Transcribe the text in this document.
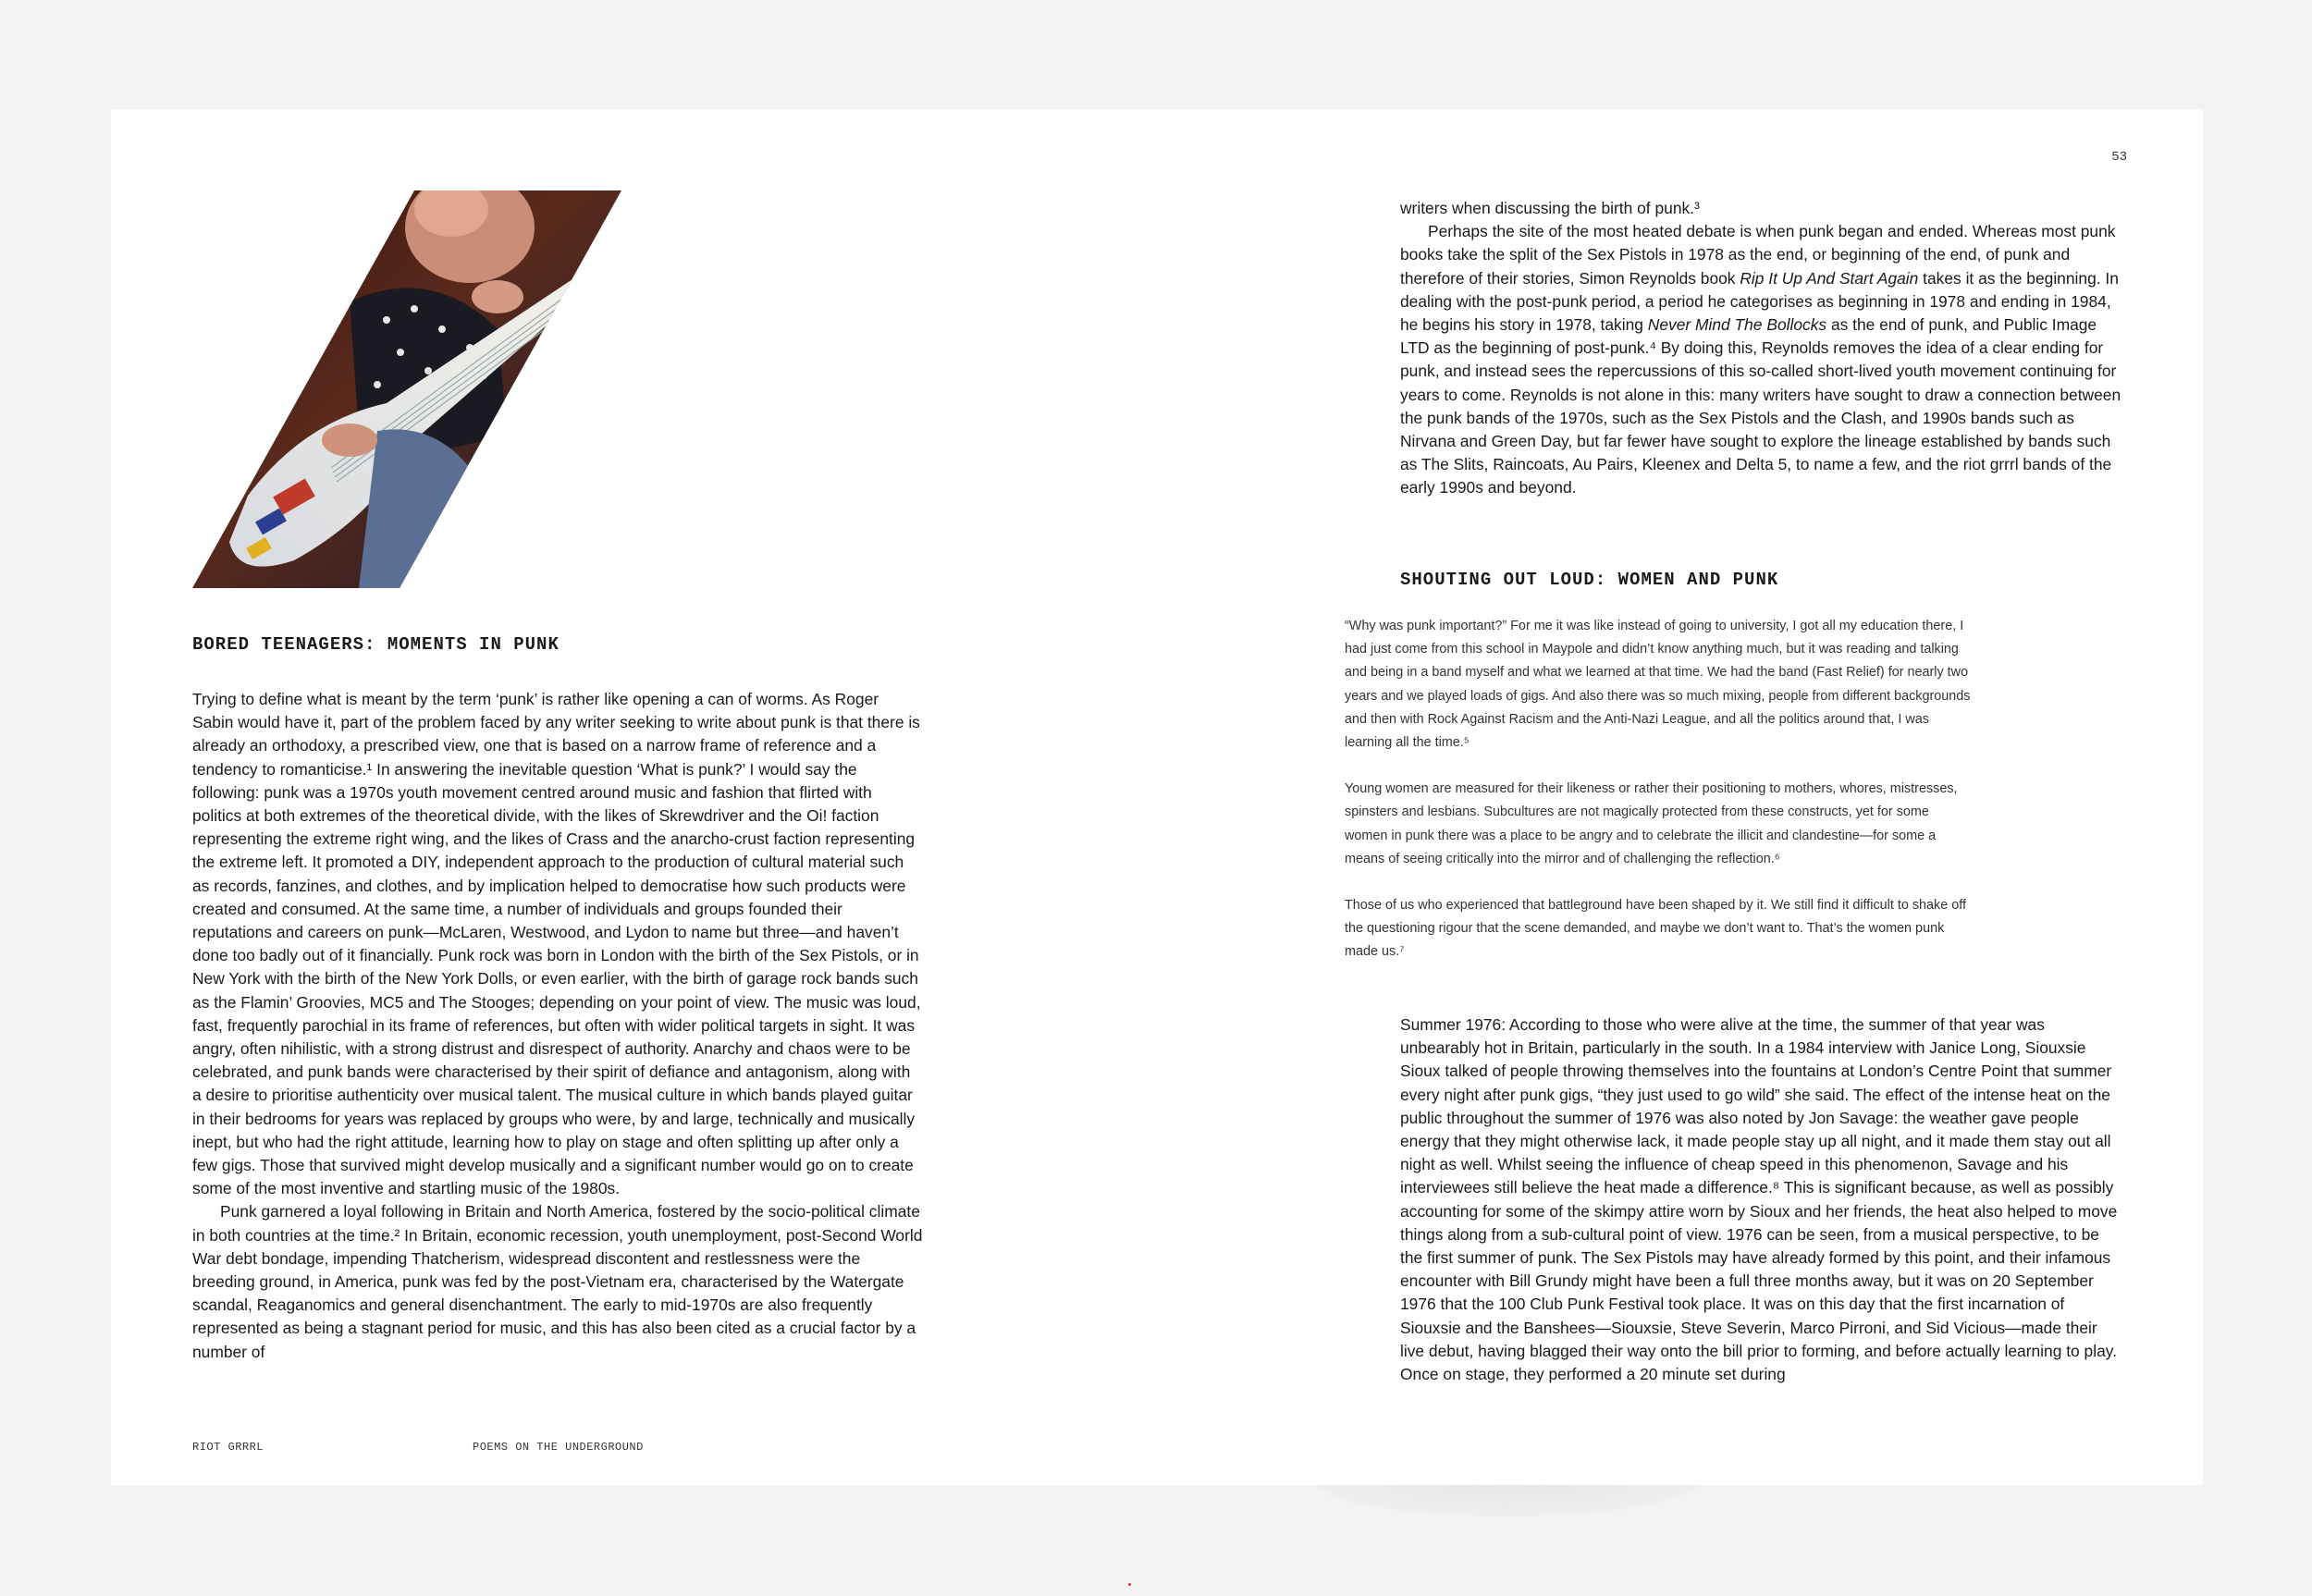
BORED TEENAGERS: MOMENTS IN PUNK

Trying to define what is meant by the term ‘punk’ is rather like opening a can of worms. As Roger Sabin would have it, part of the problem faced by any writer seeking to write about punk is that there is already an orthodoxy, a prescribed view, one that is based on a narrow frame of reference and a tendency to romanticise.¹ In answering the inevitable question ‘What is punk?’ I would say the following: punk was a 1970s youth movement centred around music and fashion that flirted with politics at both extremes of the theoretical divide, with the likes of Skrewdriver and the Oi! faction representing the extreme right wing, and the likes of Crass and the anarcho-crust faction representing the extreme left. It promoted a DIY, independent approach to the production of cultural material such as records, fanzines, and clothes, and by implication helped to democratise how such products were created and consumed. At the same time, a number of individuals and groups founded their reputations and careers on punk—McLaren, Westwood, and Lydon to name but three—and haven’t done too badly out of it financially. Punk rock was born in London with the birth of the Sex Pistols, or in New York with the birth of the New York Dolls, or even earlier, with the birth of garage rock bands such as the Flamin’ Groovies, MC5 and The Stooges; depending on your point of view. The music was loud, fast, frequently parochial in its frame of references, but often with wider political targets in sight. It was angry, often nihilistic, with a strong distrust and disrespect of authority. Anarchy and chaos were to be celebrated, and punk bands were characterised by their spirit of defiance and antagonism, along with a desire to prioritise authenticity over musical talent. The musical culture in which bands played guitar in their bedrooms for years was replaced by groups who were, by and large, technically and musically inept, but who had the right attitude, learning how to play on stage and often splitting up after only a few gigs. Those that survived might develop musically and a significant number would go on to create some of the most inventive and startling music of the 1980s.

Punk garnered a loyal following in Britain and North America, fostered by the socio-political climate in both countries at the time.² In Britain, economic recession, youth unemployment, post-Second World War debt bondage, impending Thatcherism, widespread discontent and restlessness were the breeding ground, in America, punk was fed by the post-Vietnam era, characterised by the Watergate scandal, Reaganomics and general disenchantment. The early to mid-1970s are also frequently represented as being a stagnant period for music, and this has also been cited as a crucial factor by a number of

RIOT GRRRL	POEMS ON THE UNDERGROUND
53

writers when discussing the birth of punk.³

Perhaps the site of the most heated debate is when punk began and ended. Whereas most punk books take the split of the Sex Pistols in 1978 as the end, or beginning of the end, of punk and therefore of their stories, Simon Reynolds book Rip It Up And Start Again takes it as the beginning. In dealing with the post-punk period, a period he categorises as beginning in 1978 and ending in 1984, he begins his story in 1978, taking Never Mind The Bollocks as the end of punk, and Public Image LTD as the beginning of post-punk.⁴ By doing this, Reynolds removes the idea of a clear ending for punk, and instead sees the repercussions of this so-called short-lived youth movement continuing for years to come. Reynolds is not alone in this: many writers have sought to draw a connection between the punk bands of the 1970s, such as the Sex Pistols and the Clash, and 1990s bands such as Nirvana and Green Day, but far fewer have sought to explore the lineage established by bands such as The Slits, Raincoats, Au Pairs, Kleenex and Delta 5, to name a few, and the riot grrrl bands of the early 1990s and beyond.

SHOUTING OUT LOUD: WOMEN AND PUNK

“Why was punk important?” For me it was like instead of going to university, I got all my education there, I had just come from this school in Maypole and didn’t know anything much, but it was reading and talking and being in a band myself and what we learned at that time. We had the band (Fast Relief) for nearly two years and we played loads of gigs. And also there was so much mixing, people from different backgrounds and then with Rock Against Racism and the Anti-Nazi League, and all the politics around that, I was learning all the time.⁵

Young women are measured for their likeness or rather their positioning to mothers, whores, mistresses, spinsters and lesbians. Subcultures are not magically protected from these constructs, yet for some women in punk there was a place to be angry and to celebrate the illicit and clandestine—for some a means of seeing critically into the mirror and of challenging the reflection.⁶

Those of us who experienced that battleground have been shaped by it. We still find it difficult to shake off the questioning rigour that the scene demanded, and maybe we don’t want to. That’s the women punk made us.⁷

Summer 1976: According to those who were alive at the time, the summer of that year was unbearably hot in Britain, particularly in the south. In a 1984 interview with Janice Long, Siouxsie Sioux talked of people throwing themselves into the fountains at London’s Centre Point that summer every night after punk gigs, “they just used to go wild” she said. The effect of the intense heat on the public throughout the summer of 1976 was also noted by Jon Savage: the weather gave people energy that they might otherwise lack, it made people stay up all night, and it made them stay out all night as well. Whilst seeing the influence of cheap speed in this phenomenon, Savage and his interviewees still believe the heat made a difference.⁸ This is significant because, as well as possibly accounting for some of the skimpy attire worn by Sioux and her friends, the heat also helped to move things along from a sub-cultural point of view. 1976 can be seen, from a musical perspective, to be the first summer of punk. The Sex Pistols may have already formed by this point, and their infamous encounter with Bill Grundy might have been a full three months away, but it was on 20 September 1976 that the 100 Club Punk Festival took place. It was on this day that the first incarnation of Siouxsie and the Banshees—Siouxsie, Steve Severin, Marco Pirroni, and Sid Vicious—made their live debut, having blagged their way onto the bill prior to forming, and before actually learning to play. Once on stage, they performed a 20 minute set during
